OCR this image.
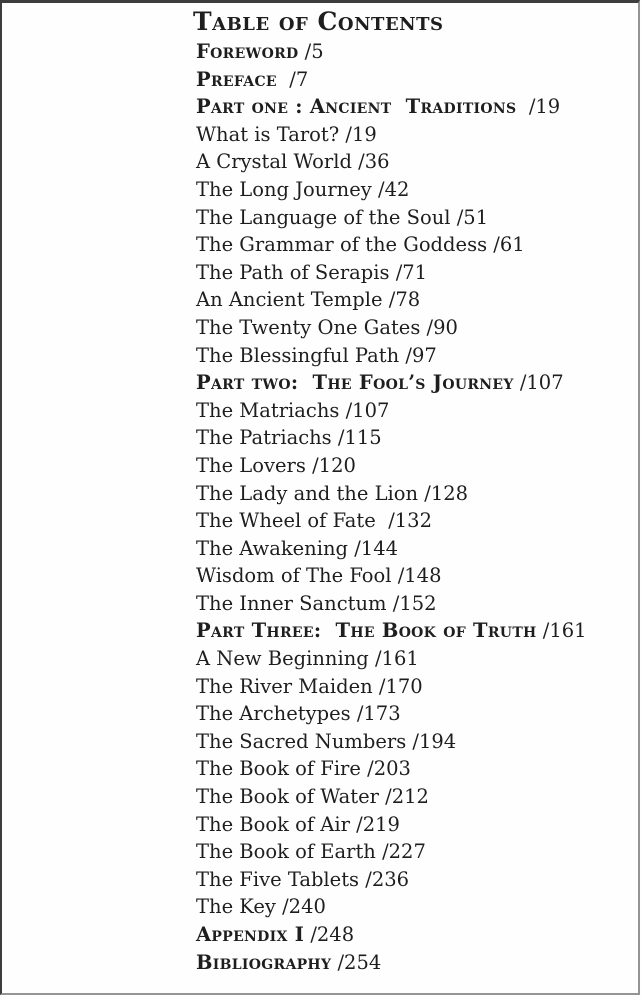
Table of Contents
Foreword /5
Preface  /7
Part one : Ancient  Traditions  /19
What is Tarot? /19
A Crystal World /36
The Long Journey /42
The Language of the Soul /51
The Grammar of the Goddess /61
The Path of Serapis /71
An Ancient Temple /78
The Twenty One Gates /90
The Blessingful Path /97
Part two:  The Fool’s Journey /107
The Matriachs /107
The Patriachs /115
The Lovers /120
The Lady and the Lion /128
The Wheel of Fate  /132
The Awakening /144
Wisdom of The Fool /148
The Inner Sanctum /152
Part Three:  The Book of Truth /161
A New Beginning /161
The River Maiden /170
The Archetypes /173
The Sacred Numbers /194
The Book of Fire /203
The Book of Water /212
The Book of Air /219
The Book of Earth /227
The Five Tablets /236
The Key /240
Appendix I /248
Bibliography /254
